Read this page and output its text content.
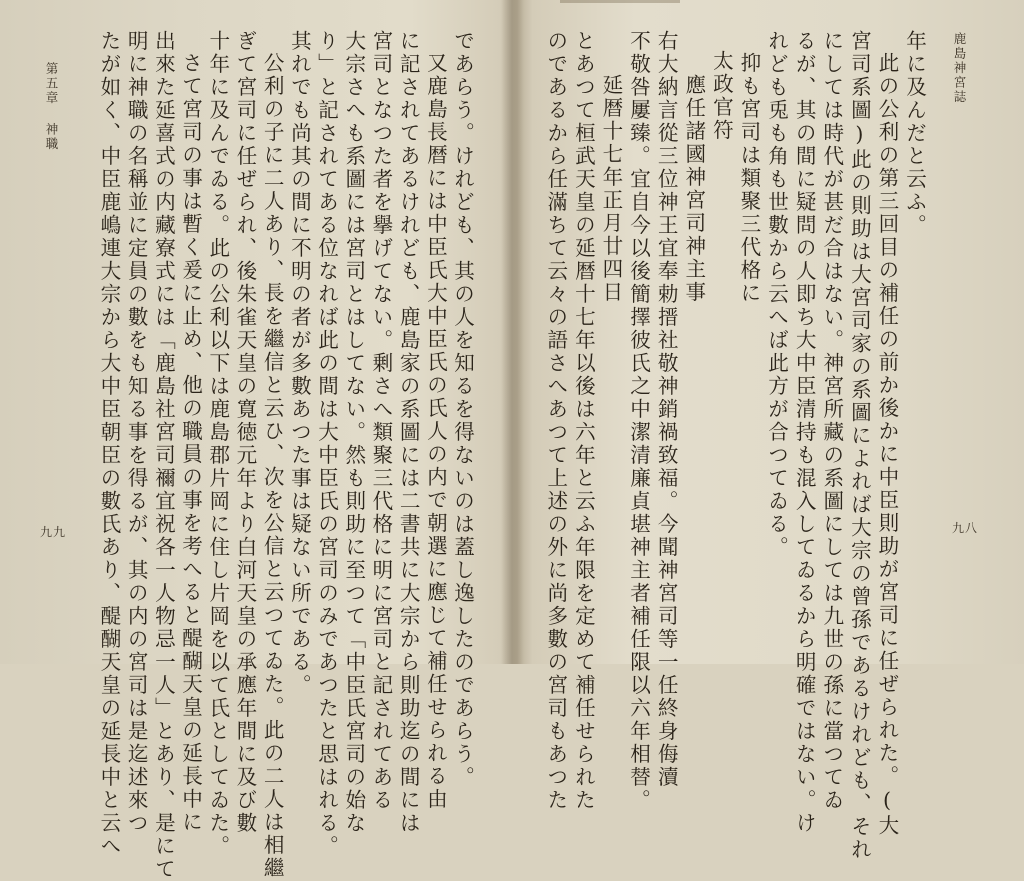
であらう。けれども、其の人を知るを得ないのは蓋し逸したのであらう。
又鹿島長暦には中臣氏大中臣氏の氏人の内で朝選に應じて補任せられる由
に記されてあるけれども、鹿島家の系圖には二書共に大宗から則助迄の間には
宮司となつた者を擧げてない。剰さへ類聚三代格に明に宮司と記されてある
大宗さへも系圖には宮司とはしてない。然も則助に至つて「中臣氏宮司の始な
り」と記されてある位なれば此の間は大中臣氏の宮司のみであつたと思はれる。
其れでも尚其の間に不明の者が多數あつた事は疑ない所である。
公利の子に二人あり、長を繼信と云ひ、次を公信と云つてゐた。此の二人は相繼
ぎて宮司に任ぜられ、後朱雀天皇の寛徳元年より白河天皇の承應年間に及び數
十年に及んでゐる。此の公利以下は鹿島郡片岡に住し片岡を以て氏としてゐた。
さて宮司の事は暫く爰に止め、他の職員の事を考へると醍醐天皇の延長中に
出來た延喜式の内藏寮式には「鹿島社宮司禰宜祝各一人物忌一人」とあり、是にて
明に神職の名稱並に定員の數をも知る事を得るが、其の内の宮司は是迄述來つ
たが如く、中臣鹿嶋連大宗から大中臣朝臣の數氏あり、醍醐天皇の延長中と云へ
第五章 神職
九九
年に及んだと云ふ。
此の公利の第三回目の補任の前か後かに中臣則助が宮司に任ぜられた。(大
宮司系圖)此の則助は大宮司家の系圖によれば大宗の曾孫であるけれども、それ
にしては時代が甚だ合はない。神宮所藏の系圖にしては九世の孫に當つてゐ
るが、其の間に疑問の人即ち大中臣清持も混入してゐるから明確ではない。け
れども兎も角も世數から云へば此方が合つてゐる。
抑も宮司は類聚三代格に
太政官符
應任諸國神宮司神主事
右大納言從三位神王宜奉勅搢社敬神銷禍致福。今聞神宮司等一任終身侮瀆
不敬咎屢臻。宜自今以後簡擇彼氏之中潔清廉貞堪神主者補任限以六年相替。
延暦十七年正月廿四日
とあつて桓武天皇の延暦十七年以後は六年と云ふ年限を定めて補任せられた
のであるから任滿ちて云々の語さへあつて上述の外に尚多數の宮司もあつた	鹿島神宮誌
九八
